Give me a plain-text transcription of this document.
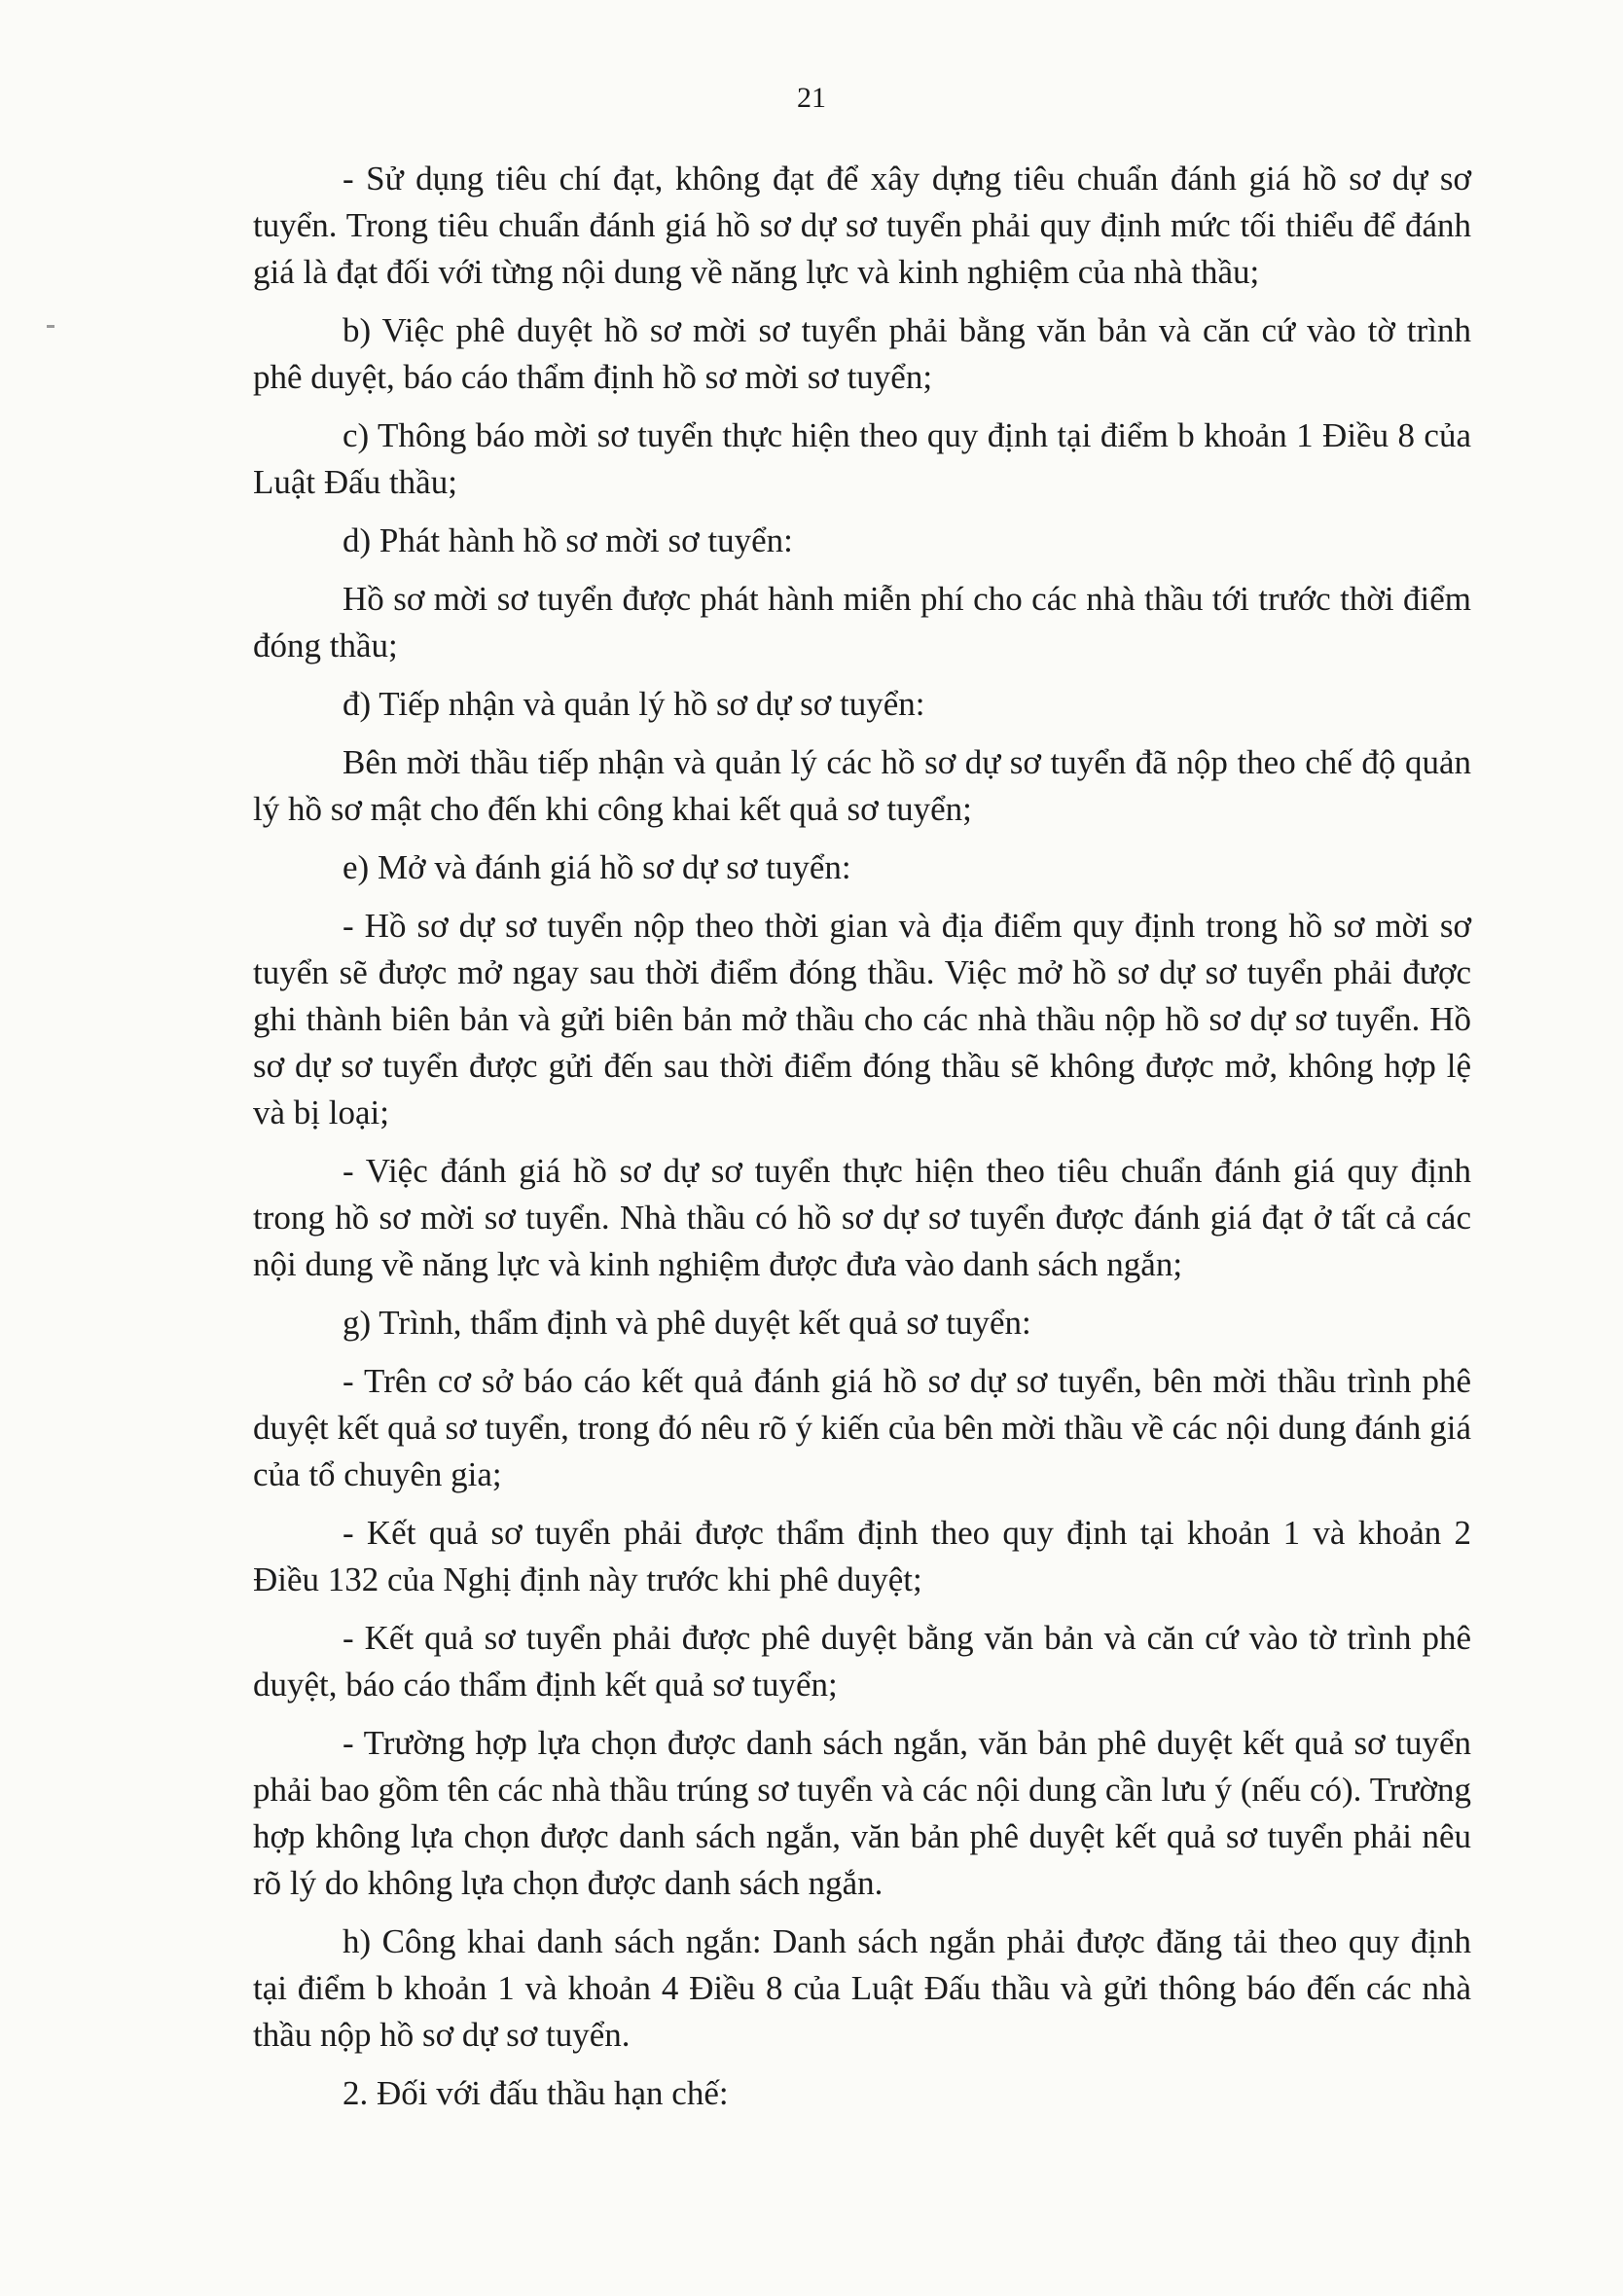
21

- Sử dụng tiêu chí đạt, không đạt để xây dựng tiêu chuẩn đánh giá hồ sơ dự sơ tuyển. Trong tiêu chuẩn đánh giá hồ sơ dự sơ tuyển phải quy định mức tối thiểu để đánh giá là đạt đối với từng nội dung về năng lực và kinh nghiệm của nhà thầu;

b) Việc phê duyệt hồ sơ mời sơ tuyển phải bằng văn bản và căn cứ vào tờ trình phê duyệt, báo cáo thẩm định hồ sơ mời sơ tuyển;

c) Thông báo mời sơ tuyển thực hiện theo quy định tại điểm b khoản 1 Điều 8 của Luật Đấu thầu;

d) Phát hành hồ sơ mời sơ tuyển:

Hồ sơ mời sơ tuyển được phát hành miễn phí cho các nhà thầu tới trước thời điểm đóng thầu;

đ) Tiếp nhận và quản lý hồ sơ dự sơ tuyển:

Bên mời thầu tiếp nhận và quản lý các hồ sơ dự sơ tuyển đã nộp theo chế độ quản lý hồ sơ mật cho đến khi công khai kết quả sơ tuyển;

e) Mở và đánh giá hồ sơ dự sơ tuyển:

- Hồ sơ dự sơ tuyển nộp theo thời gian và địa điểm quy định trong hồ sơ mời sơ tuyển sẽ được mở ngay sau thời điểm đóng thầu. Việc mở hồ sơ dự sơ tuyển phải được ghi thành biên bản và gửi biên bản mở thầu cho các nhà thầu nộp hồ sơ dự sơ tuyển. Hồ sơ dự sơ tuyển được gửi đến sau thời điểm đóng thầu sẽ không được mở, không hợp lệ và bị loại;

- Việc đánh giá hồ sơ dự sơ tuyển thực hiện theo tiêu chuẩn đánh giá quy định trong hồ sơ mời sơ tuyển. Nhà thầu có hồ sơ dự sơ tuyển được đánh giá đạt ở tất cả các nội dung về năng lực và kinh nghiệm được đưa vào danh sách ngắn;

g) Trình, thẩm định và phê duyệt kết quả sơ tuyển:

- Trên cơ sở báo cáo kết quả đánh giá hồ sơ dự sơ tuyển, bên mời thầu trình phê duyệt kết quả sơ tuyển, trong đó nêu rõ ý kiến của bên mời thầu về các nội dung đánh giá của tổ chuyên gia;

- Kết quả sơ tuyển phải được thẩm định theo quy định tại khoản 1 và khoản 2 Điều 132 của Nghị định này trước khi phê duyệt;

- Kết quả sơ tuyển phải được phê duyệt bằng văn bản và căn cứ vào tờ trình phê duyệt, báo cáo thẩm định kết quả sơ tuyển;

- Trường hợp lựa chọn được danh sách ngắn, văn bản phê duyệt kết quả sơ tuyển phải bao gồm tên các nhà thầu trúng sơ tuyển và các nội dung cần lưu ý (nếu có). Trường hợp không lựa chọn được danh sách ngắn, văn bản phê duyệt kết quả sơ tuyển phải nêu rõ lý do không lựa chọn được danh sách ngắn.

h) Công khai danh sách ngắn: Danh sách ngắn phải được đăng tải theo quy định tại điểm b khoản 1 và khoản 4 Điều 8 của Luật Đấu thầu và gửi thông báo đến các nhà thầu nộp hồ sơ dự sơ tuyển.

2. Đối với đấu thầu hạn chế:
